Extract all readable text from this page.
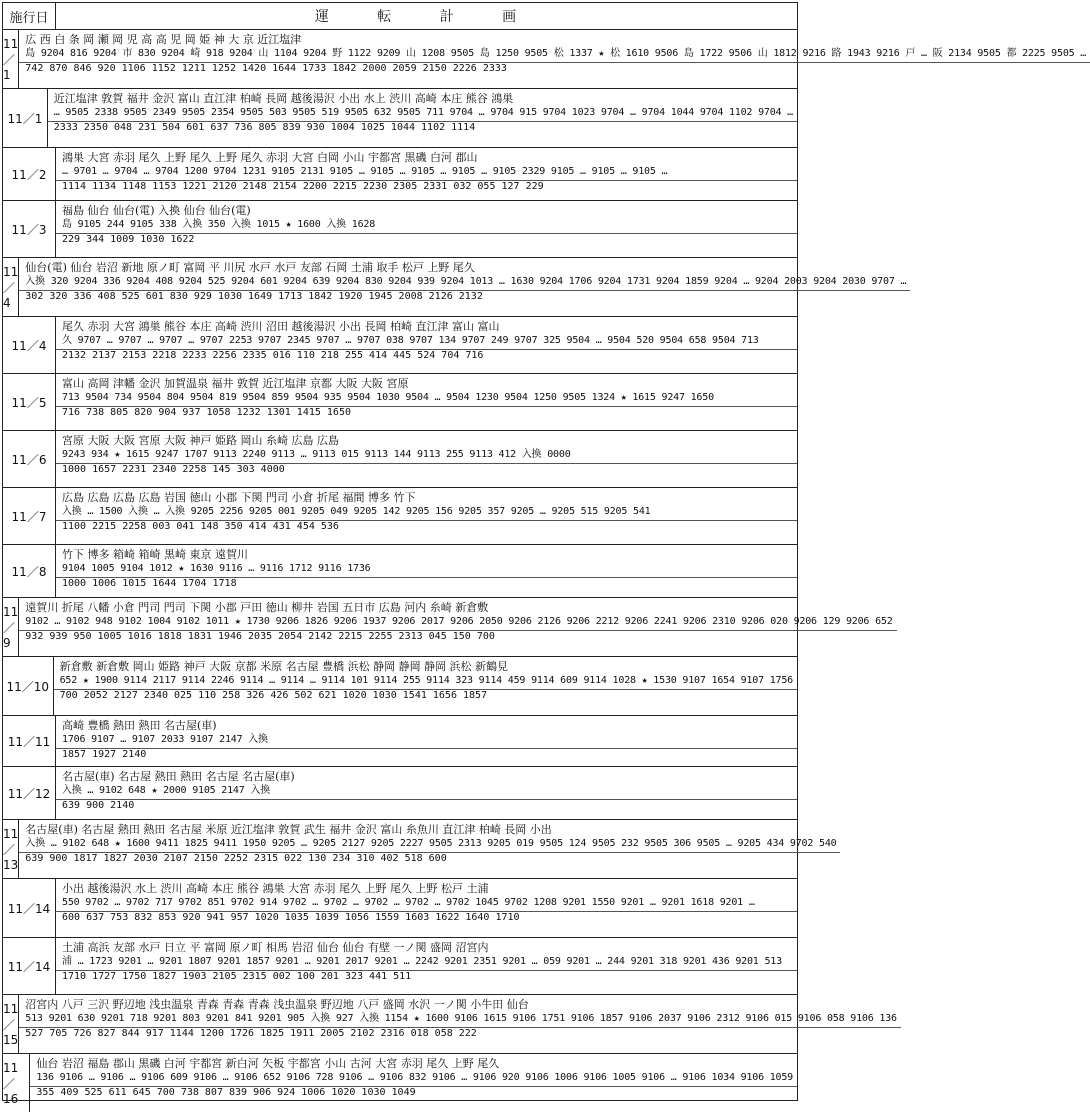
施行日	運 転 計 画
11／1
広 西 白 条 岡 瀬 岡 児 高 高 児 岡 姫 神 大 京 近江塩津
島 9204 816 9204 市 830 9204 崎 918 9204 山 1104 9204 野 1122 9209 山 1208 9505 島 1250 9505 松 1337 ★ 松 1610 9506 島 1722 9506 山 1812 9216 路 1943 9216 戸 … 阪 2134 9505 都 2225 9505 …
742 870 846 920 1106 1152 1211 1252 1420 1644 1733 1842 2000 2059 2150 2226 2333
11／1
近江塩津 敦賀 福井 金沢 富山 直江津 柏崎 長岡 越後湯沢 小出 水上 渋川 高崎 本庄 熊谷 鴻巣
… 9505 2338 9505 2349 9505 2354 9505 503 9505 519 9505 632 9505 711 9704 … 9704 915 9704 1023 9704 … 9704 1044 9704 1102 9704 …
2333 2350 048 231 504 601 637 736 805 839 930 1004 1025 1044 1102 1114
11／2
鴻巣 大宮 赤羽 尾久 上野 尾久 上野 尾久 赤羽 大宮 白岡 小山 宇都宮 黒磯 白河 郡山
… 9701 … 9704 … 9704 1200 9704 1231 9105 2131 9105 … 9105 … 9105 … 9105 … 9105 2329 9105 … 9105 … 9105 …
1114 1134 1148 1153 1221 2120 2148 2154 2200 2215 2230 2305 2331 032 055 127 229
11／3
福島 仙台 仙台(電) 入換 仙台 仙台(電)
島 9105 244 9105 338 入換 350 入換 1015 ★ 1600 入換 1628
229 344 1009 1030 1622
11／4
仙台(電) 仙台 岩沼 新地 原ノ町 富岡 平 川尻 水戸 水戸 友部 石岡 土浦 取手 松戸 上野 尾久
入換 320 9204 336 9204 408 9204 525 9204 601 9204 639 9204 830 9204 939 9204 1013 … 1630 9204 1706 9204 1731 9204 1859 9204 … 9204 2003 9204 2030 9707 …
302 320 336 408 525 601 830 929 1030 1649 1713 1842 1920 1945 2008 2126 2132
11／4
尾久 赤羽 大宮 鴻巣 熊谷 本庄 高崎 渋川 沼田 越後湯沢 小出 長岡 柏崎 直江津 富山 富山
久 9707 … 9707 … 9707 … 9707 2253 9707 2345 9707 … 9707 038 9707 134 9707 249 9707 325 9504 … 9504 520 9504 658 9504 713
2132 2137 2153 2218 2233 2256 2335 016 110 218 255 414 445 524 704 716
11／5
富山 高岡 津幡 金沢 加賀温泉 福井 敦賀 近江塩津 京都 大阪 大阪 宮原
713 9504 734 9504 804 9504 819 9504 859 9504 935 9504 1030 9504 … 9504 1230 9504 1250 9505 1324 ★ 1615 9247 1650
716 738 805 820 904 937 1058 1232 1301 1415 1650
11／6
宮原 大阪 大阪 宮原 大阪 神戸 姫路 岡山 糸崎 広島 広島
9243 934 ★ 1615 9247 1707 9113 2240 9113 … 9113 015 9113 144 9113 255 9113 412 入換 0000
1000 1657 2231 2340 2258 145 303 4000
11／7
広島 広島 広島 広島 岩国 徳山 小郡 下関 門司 小倉 折尾 福間 博多 竹下
入換 … 1500 入換 … 入換 9205 2256 9205 001 9205 049 9205 142 9205 156 9205 357 9205 … 9205 515 9205 541
1100 2215 2258 003 041 148 350 414 431 454 536
11／8
竹下 博多 箱崎 箱崎 黒崎 東京 遠賀川
9104 1005 9104 1012 ★ 1630 9116 … 9116 1712 9116 1736
1000 1006 1015 1644 1704 1718
11／9
遠賀川 折尾 八幡 小倉 門司 門司 下関 小郡 戸田 徳山 柳井 岩国 五日市 広島 河内 糸崎 新倉敷
9102 … 9102 948 9102 1004 9102 1011 ★ 1730 9206 1826 9206 1937 9206 2017 9206 2050 9206 2126 9206 2212 9206 2241 9206 2310 9206 020 9206 129 9206 652
932 939 950 1005 1016 1818 1831 1946 2035 2054 2142 2215 2255 2313 045 150 700
11／10
新倉敷 新倉敷 岡山 姫路 神戸 大阪 京都 米原 名古屋 豊橋 浜松 静岡 静岡 静岡 浜松 新鶴見
652 ★ 1900 9114 2117 9114 2246 9114 … 9114 … 9114 101 9114 255 9114 323 9114 459 9114 609 9114 1028 ★ 1530 9107 1654 9107 1756
700 2052 2127 2340 025 110 258 326 426 502 621 1020 1030 1541 1656 1857
11／11
高崎 豊橋 熱田 熱田 名古屋(車)
1706 9107 … 9107 2033 9107 2147 入換
1857 1927 2140
11／12
名古屋(車) 名古屋 熱田 熱田 名古屋 名古屋(車)
入換 … 9102 648 ★ 2000 9105 2147 入換
639 900 2140
11／13
名古屋(車) 名古屋 熱田 熱田 名古屋 米原 近江塩津 敦賀 武生 福井 金沢 富山 糸魚川 直江津 柏崎 長岡 小出
入換 … 9102 648 ★ 1600 9411 1825 9411 1950 9205 … 9205 2127 9205 2227 9505 2313 9205 019 9505 124 9505 232 9505 306 9505 … 9205 434 9702 540
639 900 1817 1827 2030 2107 2150 2252 2315 022 130 234 310 402 518 600
11／14
小出 越後湯沢 水上 渋川 高崎 本庄 熊谷 鴻巣 大宮 赤羽 尾久 上野 尾久 上野 松戸 土浦
550 9702 … 9702 717 9702 851 9702 914 9702 … 9702 … 9702 … 9702 … 9702 1045 9702 1208 9201 1550 9201 … 9201 1618 9201 …
600 637 753 832 853 920 941 957 1020 1035 1039 1056 1559 1603 1622 1640 1710
11／14
土浦 高浜 友部 水戸 日立 平 富岡 原ノ町 相馬 岩沼 仙台 仙台 有壁 一ノ関 盛岡 沼宮内
浦 … 1723 9201 … 9201 1807 9201 1857 9201 … 9201 2017 9201 … 2242 9201 2351 9201 … 059 9201 … 244 9201 318 9201 436 9201 513
1710 1727 1750 1827 1903 2105 2315 002 100 201 323 441 511
11／15
沼宮内 八戸 三沢 野辺地 浅虫温泉 青森 青森 青森 浅虫温泉 野辺地 八戸 盛岡 水沢 一ノ関 小牛田 仙台
513 9201 630 9201 718 9201 803 9201 841 9201 905 入換 927 入換 1154 ★ 1600 9106 1615 9106 1751 9106 1857 9106 2037 9106 2312 9106 015 9106 058 9106 136
527 705 726 827 844 917 1144 1200 1726 1825 1911 2005 2102 2316 018 058 222
11／16
仙台 岩沼 福島 郡山 黒磯 白河 宇都宮 新白河 矢板 宇都宮 小山 古河 大宮 赤羽 尾久 上野 尾久
136 9106 … 9106 … 9106 609 9106 … 9106 652 9106 728 9106 … 9106 832 9106 … 9106 920 9106 1006 9106 1005 9106 … 9106 1034 9106 1059
355 409 525 611 645 700 738 807 839 906 924 1006 1020 1030 1049
